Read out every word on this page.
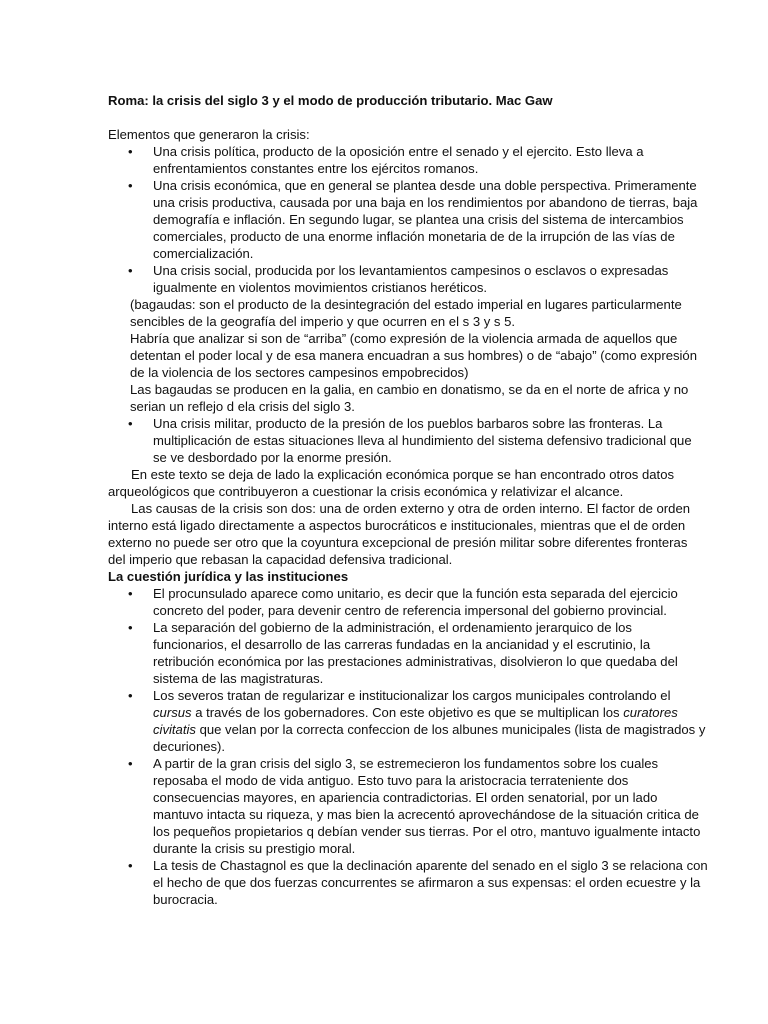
Roma: la crisis del siglo 3 y el modo de producción tributario. Mac Gaw

Elementos que generaron la crisis:

•	Una crisis política, producto de la oposición entre el senado y el ejercito. Esto lleva a enfrentamientos constantes entre los ejércitos romanos.
•	Una crisis económica, que en general se plantea desde una doble perspectiva. Primeramente una crisis productiva, causada por una baja en los rendimientos por abandono de tierras, baja demografía e inflación. En segundo lugar, se plantea una crisis del sistema de intercambios comerciales, producto de una enorme inflación monetaria de de la irrupción de las vías de comercialización.
•	Una crisis social, producida por los levantamientos campesinos o esclavos o expresadas igualmente en violentos movimientos cristianos heréticos.

(bagaudas: son el producto de la desintegración del estado imperial en lugares particularmente sencibles de la geografía del imperio y que ocurren en el s 3 y s 5.

Habría que analizar si son de “arriba” (como expresión de la violencia armada de aquellos que detentan el poder local y de esa manera encuadran a sus hombres) o de “abajo” (como expresión de la violencia de los sectores campesinos empobrecidos)

Las bagaudas se producen en la galia, en cambio en donatismo, se da en el norte de africa y no serian un reflejo d ela crisis del siglo 3.

•	Una crisis militar, producto de la presión de los pueblos barbaros sobre las fronteras. La multiplicación de estas situaciones lleva al hundimiento del sistema defensivo tradicional que se ve desbordado por la enorme presión.

En este texto se deja de lado la explicación económica porque se han encontrado otros datos arqueológicos que contribuyeron a cuestionar la crisis económica y relativizar el alcance.

Las causas de la crisis son dos: una de orden externo y otra de orden interno. El factor de orden interno está ligado directamente a aspectos burocráticos e institucionales, mientras que el de orden externo no puede ser otro que la coyuntura excepcional de presión militar sobre diferentes fronteras del imperio que rebasan la capacidad defensiva tradicional.

La cuestión jurídica y las instituciones

•	El procunsulado aparece como unitario, es decir que la función esta separada del ejercicio concreto del poder, para devenir centro de referencia impersonal del gobierno provincial.
•	La separación del gobierno de la administración, el ordenamiento jerarquico de los funcionarios, el desarrollo de las carreras fundadas en la ancianidad y el escrutinio, la retribución económica por las prestaciones administrativas, disolvieron lo que quedaba del sistema de las magistraturas.
•	Los severos tratan de regularizar e institucionalizar los cargos municipales controlando el cursus a través de los gobernadores. Con este objetivo es que se multiplican los curatores civitatis que velan por la correcta confeccion de los albunes municipales (lista de magistrados y decuriones).
•	A partir de la gran crisis del siglo 3, se estremecieron los fundamentos sobre los cuales reposaba el modo de vida antiguo. Esto tuvo para la aristocracia terrateniente dos consecuencias mayores, en apariencia contradictorias. El orden senatorial, por un lado mantuvo intacta su riqueza, y mas bien la acrecentó aprovechándose de la situación critica de los pequeños propietarios q debían vender sus tierras. Por el otro, mantuvo igualmente intacto durante la crisis su prestigio moral.
•	La tesis de Chastagnol es que la declinación aparente del senado en el siglo 3 se relaciona con el hecho de que dos fuerzas concurrentes se afirmaron a sus expensas: el orden ecuestre y la burocracia.
